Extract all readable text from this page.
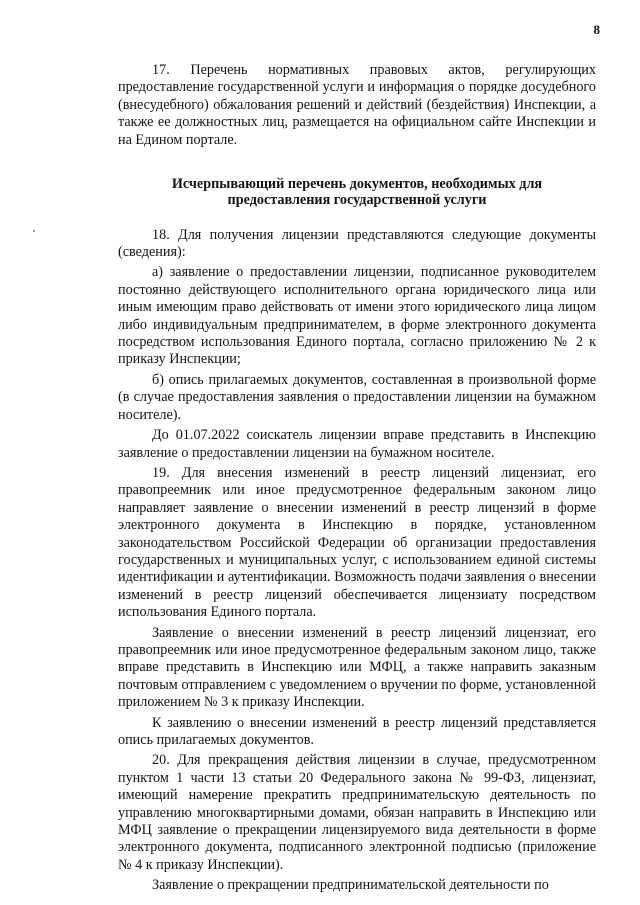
8

17. Перечень нормативных правовых актов, регулирующих предоставление государственной услуги и информация о порядке досудебного (внесудебного) обжалования решений и действий (бездействия) Инспекции, а также ее должностных лиц, размещается на официальном сайте Инспекции и на Едином портале.

Исчерпывающий перечень документов, необходимых для предоставления государственной услуги

18. Для получения лицензии представляются следующие документы (сведения):

а) заявление о предоставлении лицензии, подписанное руководителем постоянно действующего исполнительного органа юридического лица или иным имеющим право действовать от имени этого юридического лица лицом либо индивидуальным предпринимателем, в форме электронного документа посредством использования Единого портала, согласно приложению № 2 к приказу Инспекции;

б) опись прилагаемых документов, составленная в произвольной форме (в случае предоставления заявления о предоставлении лицензии на бумажном носителе).

До 01.07.2022 соискатель лицензии вправе представить в Инспекцию заявление о предоставлении лицензии на бумажном носителе.

19. Для внесения изменений в реестр лицензий лицензиат, его правопреемник или иное предусмотренное федеральным законом лицо направляет заявление о внесении изменений в реестр лицензий в форме электронного документа в Инспекцию в порядке, установленном законодательством Российской Федерации об организации предоставления государственных и муниципальных услуг, с использованием единой системы идентификации и аутентификации. Возможность подачи заявления о внесении изменений в реестр лицензий обеспечивается лицензиату посредством использования Единого портала.

Заявление о внесении изменений в реестр лицензий лицензиат, его правопреемник или иное предусмотренное федеральным законом лицо, также вправе представить в Инспекцию или МФЦ, а также направить заказным почтовым отправлением с уведомлением о вручении по форме, установленной приложением № 3 к приказу Инспекции.

К заявлению о внесении изменений в реестр лицензий представляется опись прилагаемых документов.

20. Для прекращения действия лицензии в случае, предусмотренном пунктом 1 части 13 статьи 20 Федерального закона № 99-ФЗ, лицензиат, имеющий намерение прекратить предпринимательскую деятельность по управлению многоквартирными домами, обязан направить в Инспекцию или МФЦ заявление о прекращении лицензируемого вида деятельности в форме электронного документа, подписанного электронной подписью (приложение № 4 к приказу Инспекции).

Заявление о прекращении предпринимательской деятельности по
